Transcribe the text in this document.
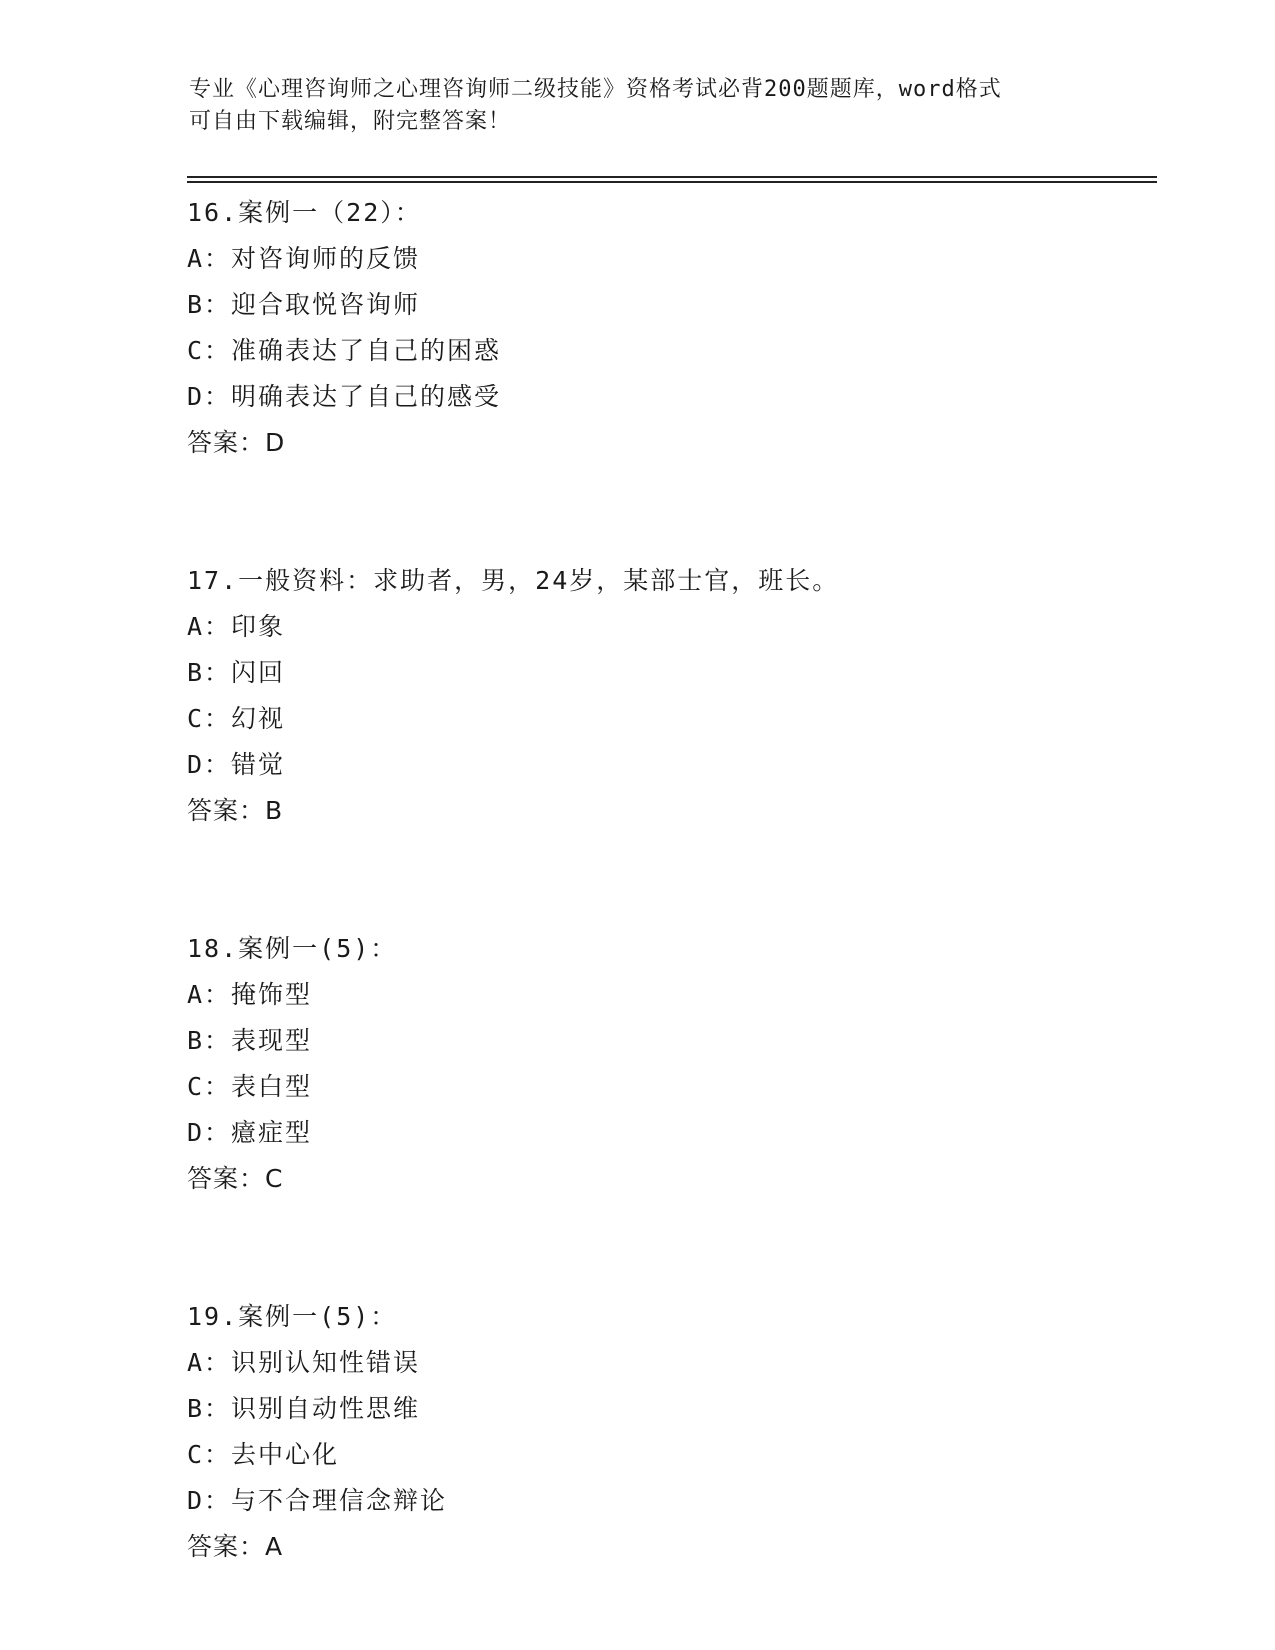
专业《心理咨询师之心理咨询师二级技能》资格考试必背200题题库，word格式
可自由下载编辑，附完整答案！
16.案例一（22）：
A：对咨询师的反馈
B：迎合取悦咨询师
C：准确表达了自己的困惑
D：明确表达了自己的感受
答案：D
17.一般资料：求助者，男，24岁，某部士官，班长。
A：印象
B：闪回
C：幻视
D：错觉
答案：B
18.案例一(5)：
A：掩饰型
B：表现型
C：表白型
D：癔症型
答案：C
19.案例一(5)：
A：识别认知性错误
B：识别自动性思维
C：去中心化
D：与不合理信念辩论
答案：A
